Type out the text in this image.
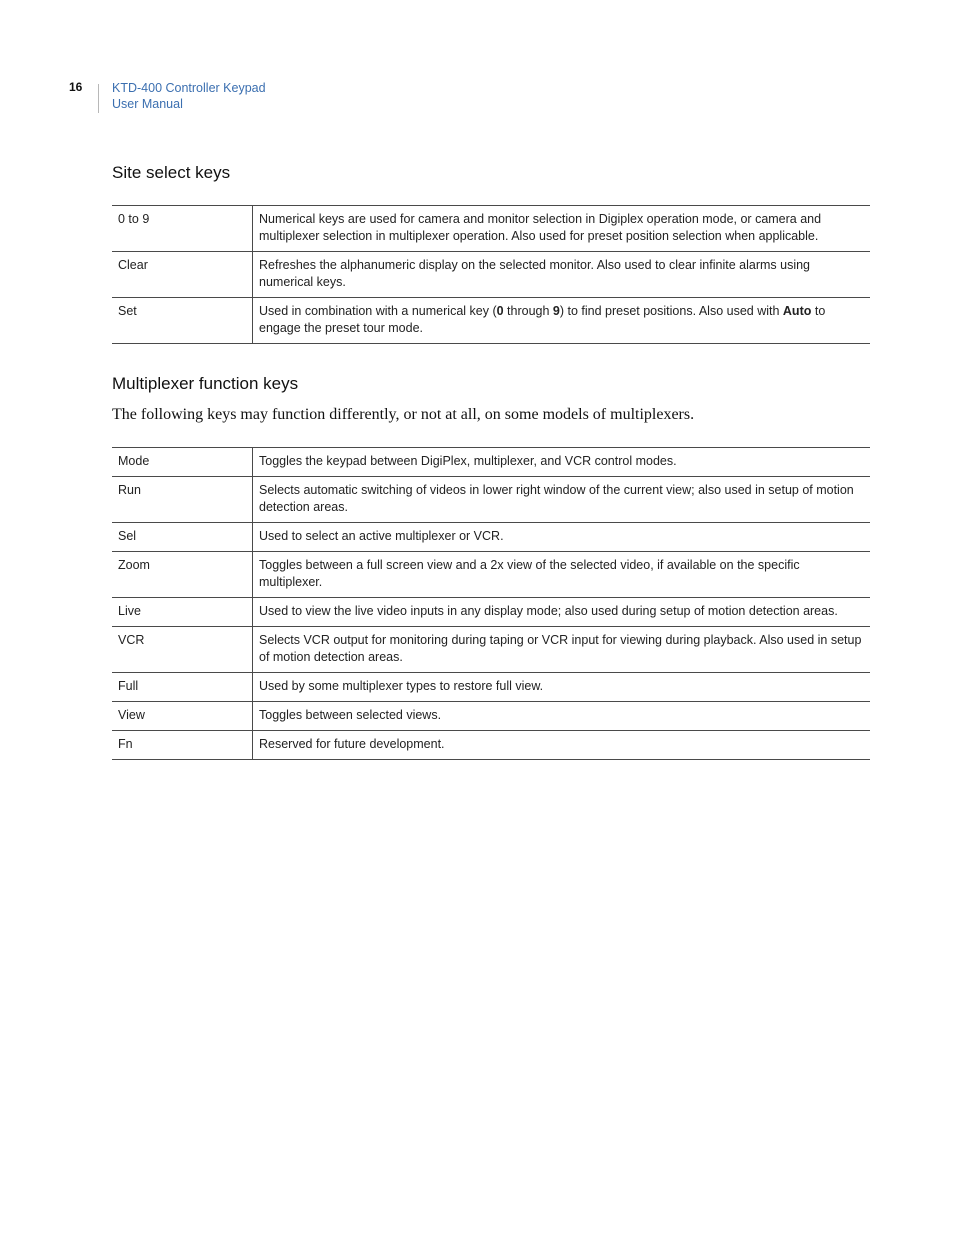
16 KTD-400 Controller Keypad
User Manual
Site select keys
0 to 9	Numerical keys are used for camera and monitor selection in Digiplex operation mode, or camera and multiplexer selection in multiplexer operation. Also used for preset position selection when applicable.
Clear	Refreshes the alphanumeric display on the selected monitor. Also used to clear infinite alarms using numerical keys.
Set	Used in combination with a numerical key (0 through 9) to find preset positions. Also used with Auto to engage the preset tour mode.
Multiplexer function keys

The following keys may function differently, or not at all, on some models of multiplexers.

Mode	Toggles the keypad between DigiPlex, multiplexer, and VCR control modes.
Run	Selects automatic switching of videos in lower right window of the current view; also used in setup of motion detection areas.
Sel	Used to select an active multiplexer or VCR.
Zoom	Toggles between a full screen view and a 2x view of the selected video, if available on the specific multiplexer.
Live	Used to view the live video inputs in any display mode; also used during setup of motion detection areas.
VCR	Selects VCR output for monitoring during taping or VCR input for viewing during playback. Also used in setup of motion detection areas.
Full	Used by some multiplexer types to restore full view.
View	Toggles between selected views.
Fn	Reserved for future development.
